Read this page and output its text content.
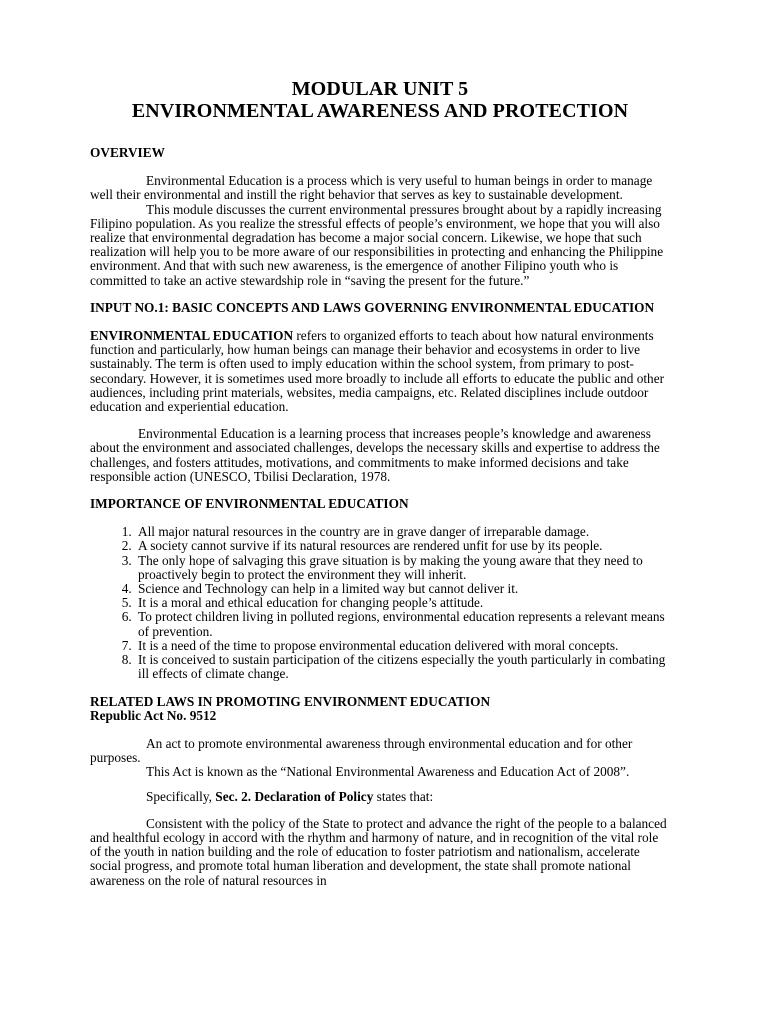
MODULAR UNIT 5
ENVIRONMENTAL AWARENESS AND PROTECTION
OVERVIEW

Environmental Education is a process which is very useful to human beings in order to manage well their environmental and instill the right behavior that serves as key to sustainable development.

This module discusses the current environmental pressures brought about by a rapidly increasing Filipino population. As you realize the stressful effects of people’s environment, we hope that you will also realize that environmental degradation has become a major social concern. Likewise, we hope that such realization will help you to be more aware of our responsibilities in protecting and enhancing the Philippine environment. And that with such new awareness, is the emergence of another Filipino youth who is committed to take an active stewardship role in “saving the present for the future.”

INPUT NO.1: BASIC CONCEPTS AND LAWS GOVERNING ENVIRONMENTAL EDUCATION

ENVIRONMENTAL EDUCATION refers to organized efforts to teach about how natural environments function and particularly, how human beings can manage their behavior and ecosystems in order to live sustainably. The term is often used to imply education within the school system, from primary to post-secondary. However, it is sometimes used more broadly to include all efforts to educate the public and other audiences, including print materials, websites, media campaigns, etc. Related disciplines include outdoor education and experiential education.

Environmental Education is a learning process that increases people’s knowledge and awareness about the environment and associated challenges, develops the necessary skills and expertise to address the challenges, and fosters attitudes, motivations, and commitments to make informed decisions and take responsible action (UNESCO, Tbilisi Declaration, 1978.

IMPORTANCE OF ENVIRONMENTAL EDUCATION
1. All major natural resources in the country are in grave danger of irreparable damage.
2. A society cannot survive if its natural resources are rendered unfit for use by its people.
3. The only hope of salvaging this grave situation is by making the young aware that they need to proactively begin to protect the environment they will inherit.
4. Science and Technology can help in a limited way but cannot deliver it.
5. It is a moral and ethical education for changing people’s attitude.
6. To protect children living in polluted regions, environmental education represents a relevant means of prevention.
7. It is a need of the time to propose environmental education delivered with moral concepts.
8. It is conceived to sustain participation of the citizens especially the youth particularly in combating ill effects of climate change.
RELATED LAWS IN PROMOTING ENVIRONMENT EDUCATION
Republic Act No. 9512

An act to promote environmental awareness through environmental education and for other purposes.

This Act is known as the “National Environmental Awareness and Education Act of 2008”.

Specifically, Sec. 2. Declaration of Policy states that:

Consistent with the policy of the State to protect and advance the right of the people to a balanced and healthful ecology in accord with the rhythm and harmony of nature, and in recognition of the vital role of the youth in nation building and the role of education to foster patriotism and nationalism, accelerate social progress, and promote total human liberation and development, the state shall promote national awareness on the role of natural resources in
